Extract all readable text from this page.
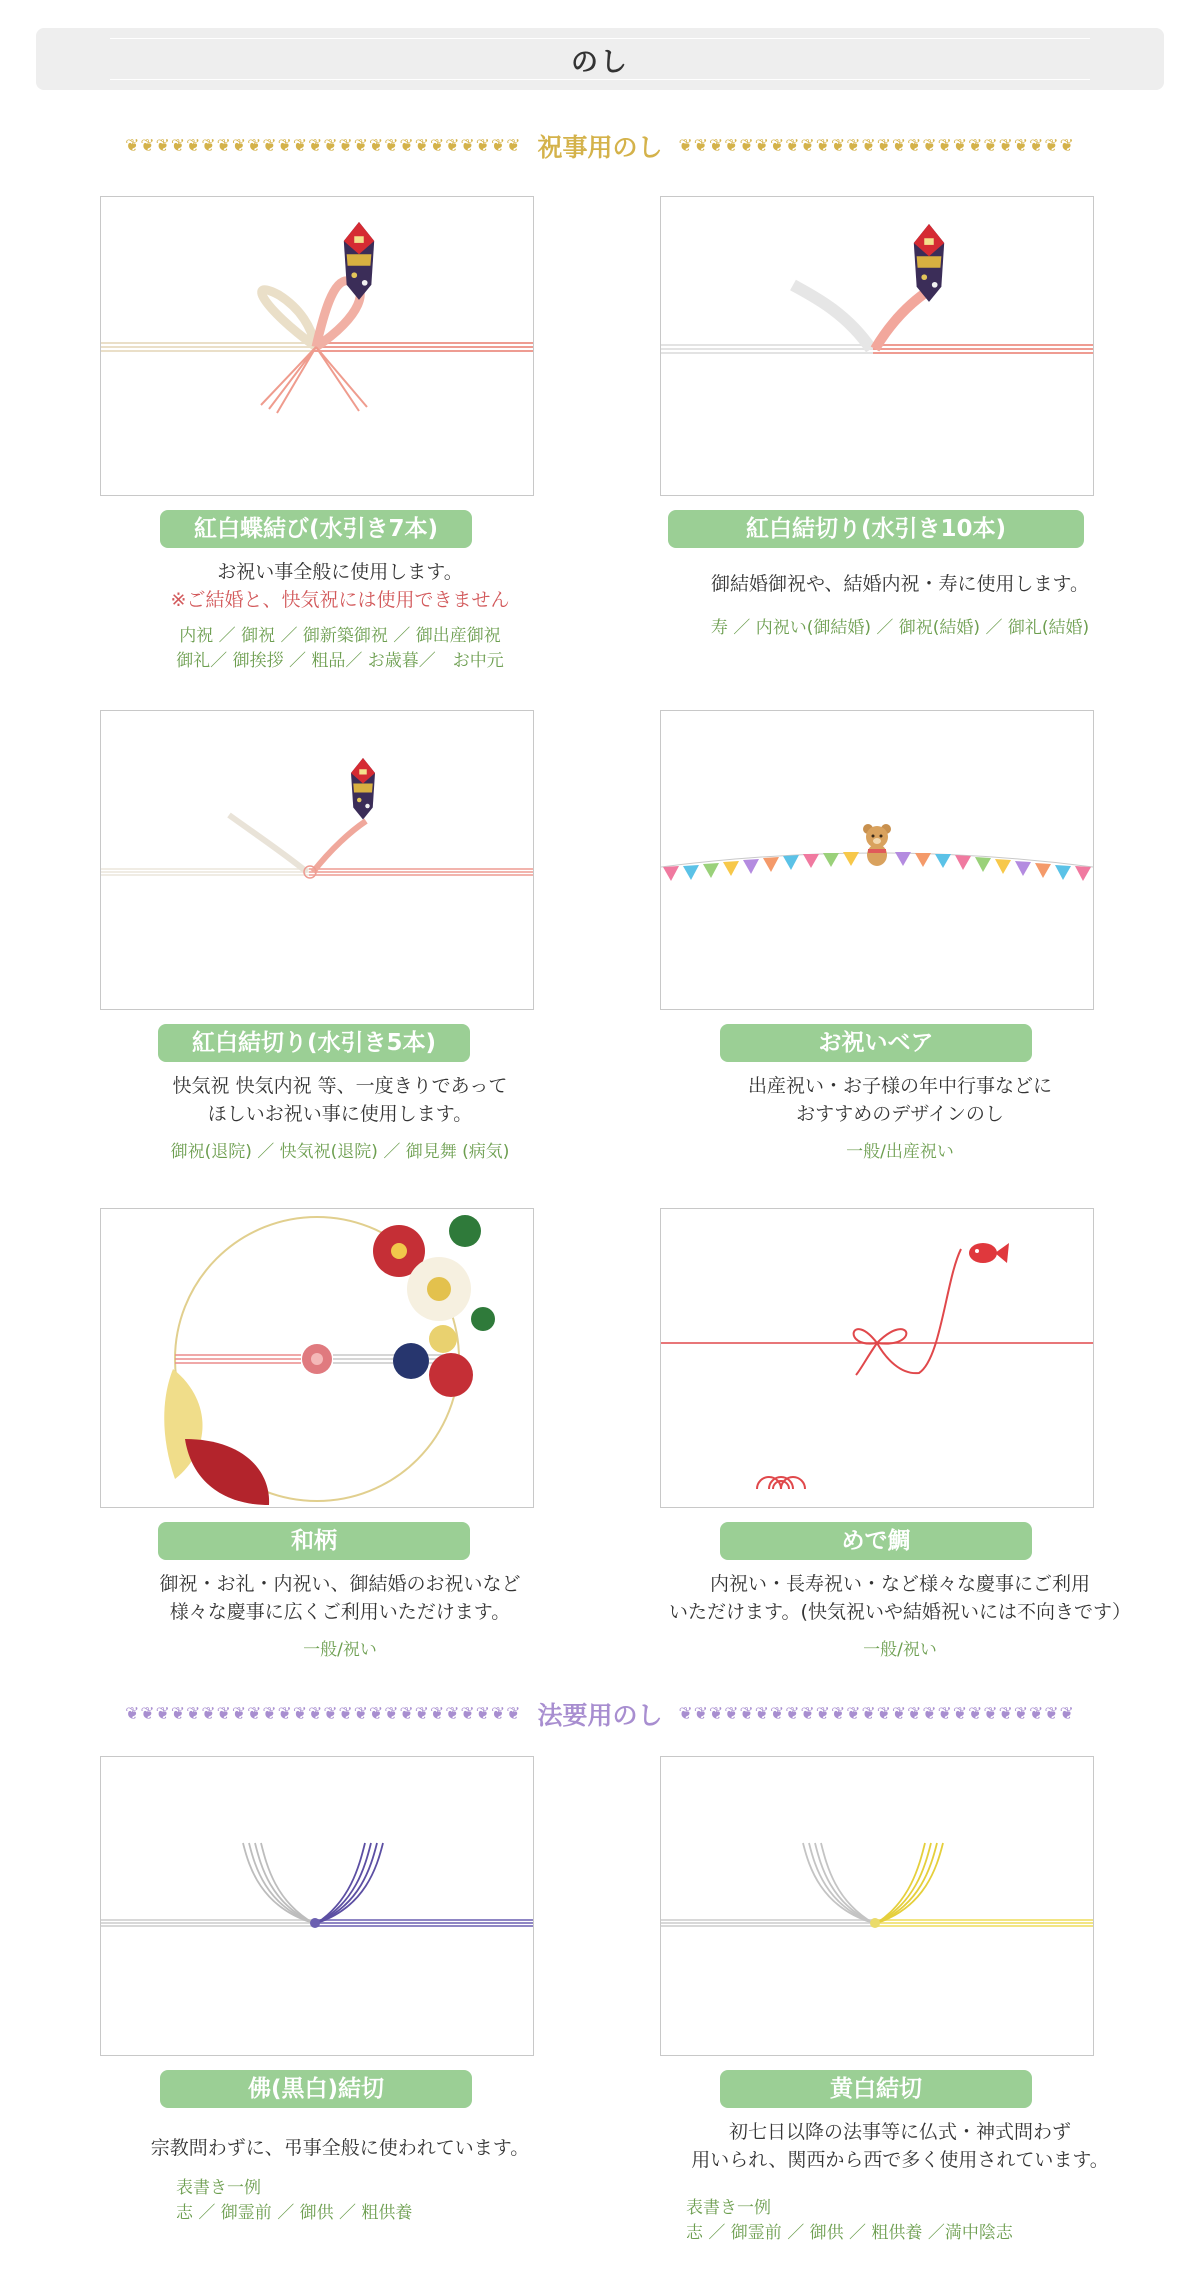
のし
❦❦❦❦❦❦❦❦❦❦❦❦❦❦❦❦❦❦❦❦❦❦❦❦❦❦ 祝事用のし ❦❦❦❦❦❦❦❦❦❦❦❦❦❦❦❦❦❦❦❦❦❦❦❦❦❦
紅白蝶結び(水引き7本)
お祝い事全般に使用します。
※ご結婚と、快気祝には使用できません
内祝 ／ 御祝 ／ 御新築御祝 ／ 御出産御祝
御礼／ 御挨拶 ／ 粗品／ お歳暮／　お中元
紅白結切り(水引き10本)
御結婚御祝や、結婚内祝・寿に使用します。
寿 ／ 内祝い(御結婚) ／ 御祝(結婚) ／ 御礼(結婚)
紅白結切り(水引き5本)
快気祝 快気内祝 等、一度きりであって
ほしいお祝い事に使用します。
御祝(退院) ／ 快気祝(退院) ／ 御見舞 (病気)
お祝いベア
出産祝い・お子様の年中行事などに
おすすめのデザインのし
一般/出産祝い
和柄
御祝・お礼・内祝い、御結婚のお祝いなど
様々な慶事に広くご利用いただけます。
一般/祝い
めで鯛
内祝い・長寿祝い・など様々な慶事にご利用
いただけます。(快気祝いや結婚祝いには不向きです）
一般/祝い
❦❦❦❦❦❦❦❦❦❦❦❦❦❦❦❦❦❦❦❦❦❦❦❦❦❦ 法要用のし ❦❦❦❦❦❦❦❦❦❦❦❦❦❦❦❦❦❦❦❦❦❦❦❦❦❦
佛(黒白)結切
宗教問わずに、弔事全般に使われています。
表書き一例
志 ／ 御霊前 ／ 御供 ／ 粗供養
黄白結切
初七日以降の法事等に仏式・神式問わず
用いられ、関西から西で多く使用されています。
表書き一例
志 ／ 御霊前 ／ 御供 ／ 粗供養 ／満中陰志
